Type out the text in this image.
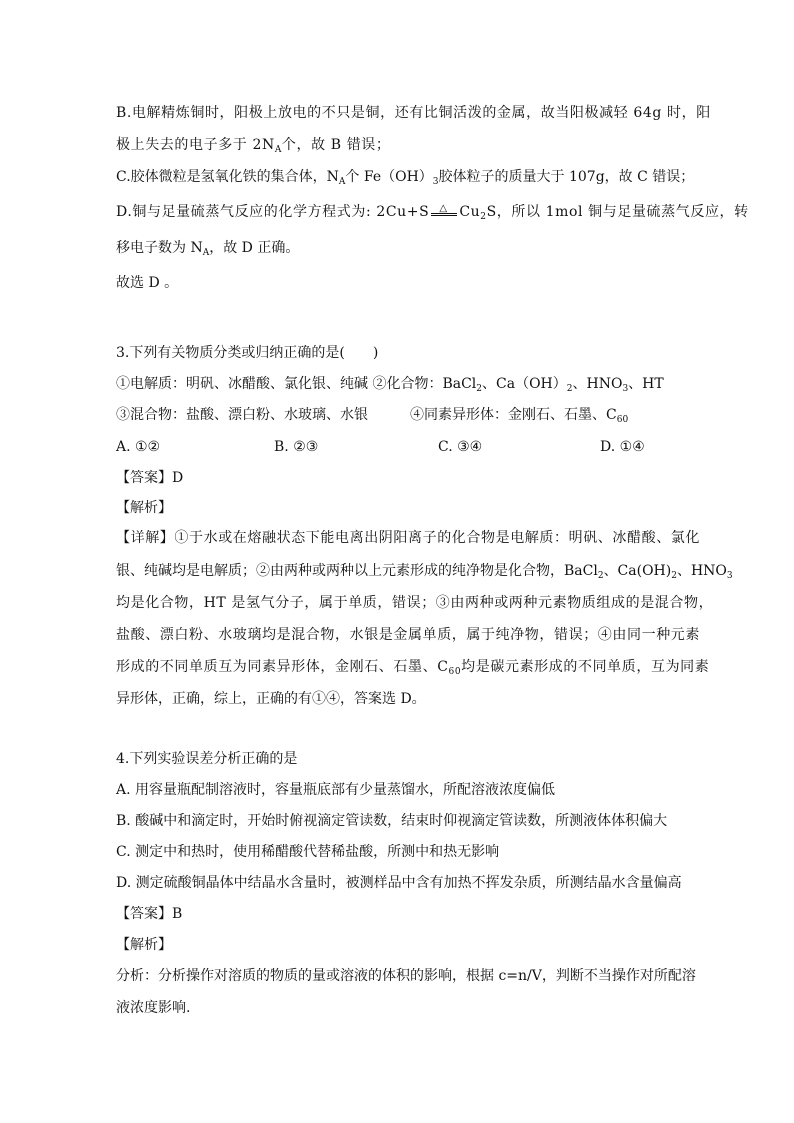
B.电解精炼铜时，阳极上放电的不只是铜，还有比铜活泼的金属，故当阳极减轻 64g 时，阳
极上失去的电子多于 $2N_A$个，故 B 错误；
C.胶体微粒是氢氧化铁的集合体，$N_A$个 $Fe(OH)_3$胶体粒子的质量大于 107g，故 C 错误；
D.铜与足量硫蒸气反应的化学方程式为: 2Cu+S △ $Cu_2S$，所以 1mol 铜与足量硫蒸气反应，转
移电子数为 $N_A$，故 D 正确。
故选 D 。
3.下列有关物质分类或归纳正确的是(　　)
①电解质：明矾、冰醋酸、氯化银、纯碱 ②化合物：BaCl$_2$、$Ca(OH)_2$、$HNO_3$、HT
③混合物：盐酸、漂白粉、水玻璃、水银　　　④同素异形体：金刚石、石墨、$C_{60}$
A. ①②	B. ②③	C. ③④	D. ①④
【答案】D
【解析】
【详解】①于水或在熔融状态下能电离出阴阳离子的化合物是电解质：明矾、冰醋酸、氯化
银、纯碱均是电解质；②由两种或两种以上元素形成的纯净物是化合物，BaCl$_2$、$Ca(OH)_2$、$HNO_3$
均是化合物，HT 是氢气分子，属于单质，错误；③由两种或两种元素物质组成的是混合物，
盐酸、漂白粉、水玻璃均是混合物，水银是金属单质，属于纯净物，错误；④由同一种元素
形成的不同单质互为同素异形体，金刚石、石墨、$C_{60}$均是碳元素形成的不同单质，互为同素
异形体，正确，综上，正确的有①④，答案选 D。
4.下列实验误差分析正确的是
A. 用容量瓶配制溶液时，容量瓶底部有少量蒸馏水，所配溶液浓度偏低
B. 酸碱中和滴定时，开始时俯视滴定管读数，结束时仰视滴定管读数，所测液体体积偏大
C. 测定中和热时，使用稀醋酸代替稀盐酸，所测中和热无影响
D. 测定硫酸铜晶体中结晶水含量时，被测样品中含有加热不挥发杂质，所测结晶水含量偏高
【答案】B
【解析】
分析：分析操作对溶质的物质的量或溶液的体积的影响，根据 c=n/V，判断不当操作对所配溶
液浓度影响.
